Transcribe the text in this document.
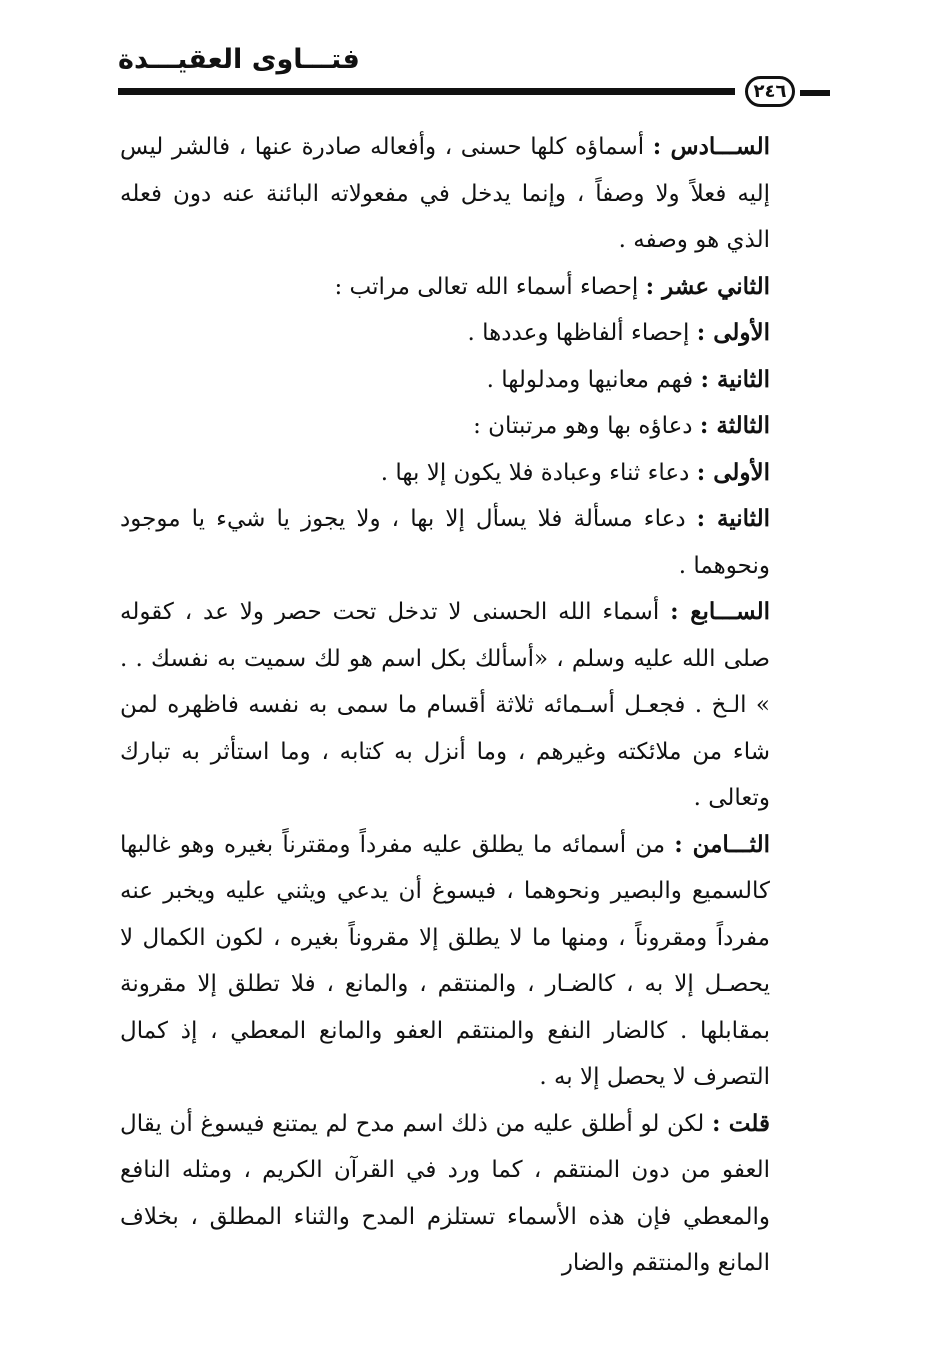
فتـــاوى العقيـــدة
٢٤٦

الســـادس : أسماؤه كلها حسنى ، وأفعاله صادرة عنها ، فالشر ليس إليه فعلاً ولا وصفاً ، وإنما يدخل في مفعولاته البائنة عنه دون فعله الذي هو وصفه .

الثاني عشر : إحصاء أسماء الله تعالى مراتب :

الأولى : إحصاء ألفاظها وعددها .

الثانية : فهم معانيها ومدلولها .

الثالثة : دعاؤه بها وهو مرتبتان :

الأولى : دعاء ثناء وعبادة فلا يكون إلا بها .

الثانية : دعاء مسألة فلا يسأل إلا بها ، ولا يجوز يا شيء يا موجود ونحوهما .

الســـابع : أسماء الله الحسنى لا تدخل تحت حصر ولا عد ، كقوله صلى الله عليه وسلم ، «أسألك بكل اسم هو لك سميت به نفسك . . » الـخ . فجعـل أسـمائه ثلاثة أقسام ما سمى به نفسه فاظهره لمن شاء من ملائكته وغيرهم ، وما أنزل به كتابه ، وما استأثر به تبارك وتعالى .

الثـــامن : من أسمائه ما يطلق عليه مفرداً ومقترناً بغيره وهو غالبها كالسميع والبصير ونحوهما ، فيسوغ أن يدعي ويثني عليه ويخبر عنه مفرداً ومقروناً ، ومنها ما لا يطلق إلا مقروناً بغيره ، لكون الكمال لا يحصـل إلا به ، كالضـار ، والمنتقم ، والمانع ، فلا تطلق إلا مقرونة بمقابلها . كالضار النفع والمنتقم العفو والمانع المعطي ، إذ كمال التصرف لا يحصل إلا به .

قلت : لكن لو أطلق عليه من ذلك اسم مدح لم يمتنع فيسوغ أن يقال العفو من دون المنتقم ، كما ورد في القرآن الكريم ، ومثله النافع والمعطي فإن هذه الأسماء تستلزم المدح والثناء المطلق ، بخلاف المانع والمنتقم والضار
